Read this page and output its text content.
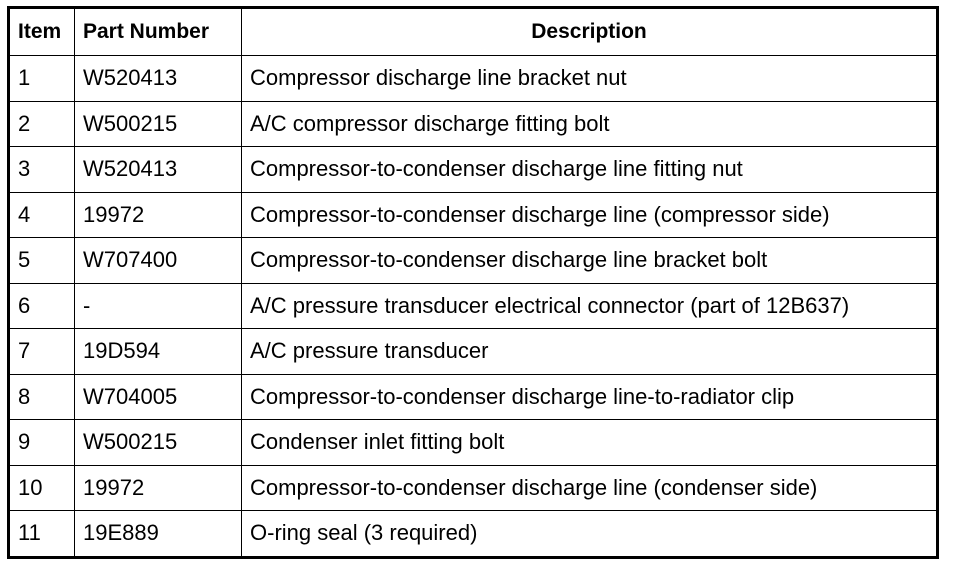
Item	Part Number	Description
1	W520413	Compressor discharge line bracket nut
2	W500215	A/C compressor discharge fitting bolt
3	W520413	Compressor-to-condenser discharge line fitting nut
4	19972	Compressor-to-condenser discharge line (compressor side)
5	W707400	Compressor-to-condenser discharge line bracket bolt
6	-	A/C pressure transducer electrical connector (part of 12B637)
7	19D594	A/C pressure transducer
8	W704005	Compressor-to-condenser discharge line-to-radiator clip
9	W500215	Condenser inlet fitting bolt
10	19972	Compressor-to-condenser discharge line (condenser side)
11	19E889	O-ring seal (3 required)
